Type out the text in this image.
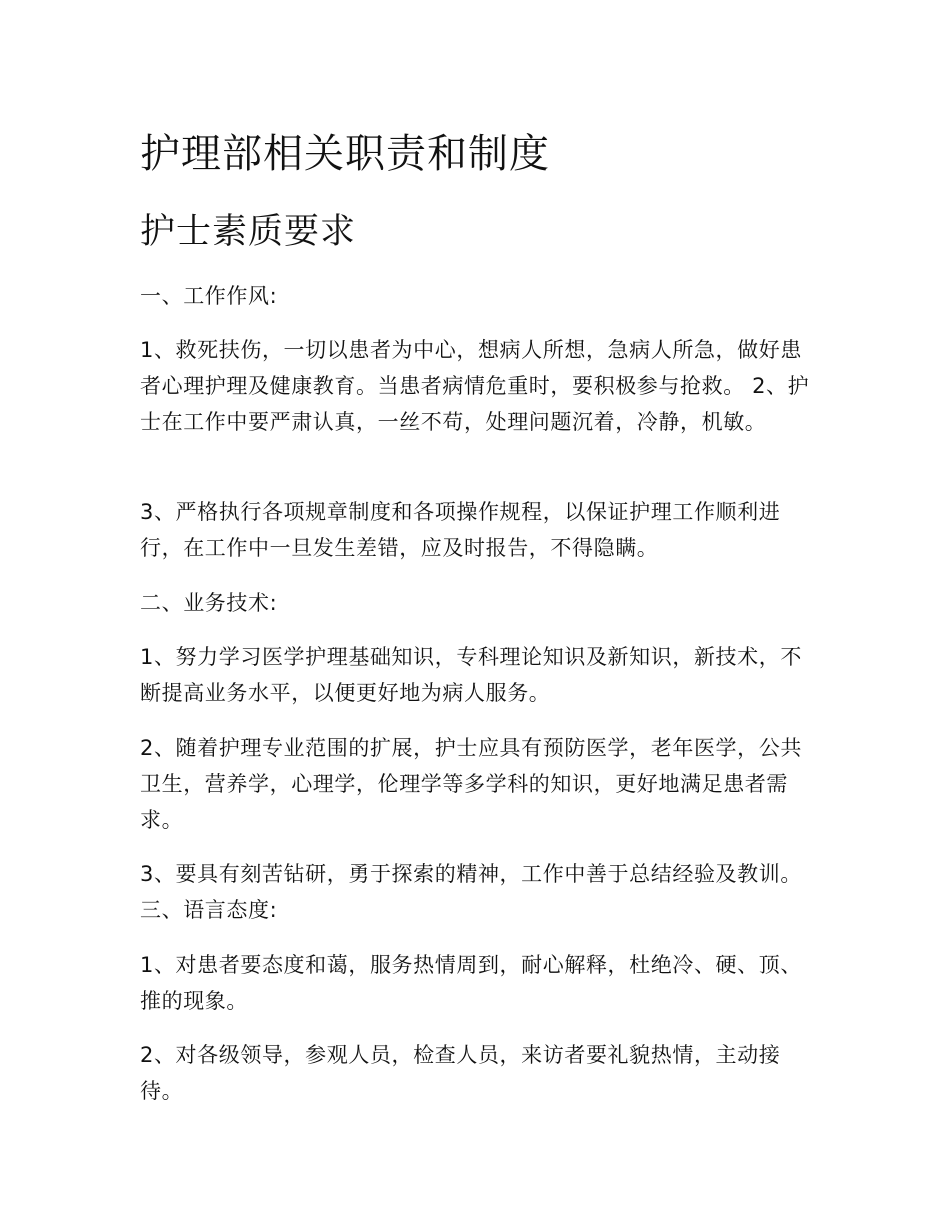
护理部相关职责和制度
护士素质要求

一、工作作风:

1、救死扶伤，一切以患者为中心，想病人所想，急病人所急，做好患者心理护理及健康教育。当患者病情危重时，要积极参与抢救。 2、护士在工作中要严肃认真，一丝不苟，处理问题沉着，冷静，机敏。

3、严格执行各项规章制度和各项操作规程，以保证护理工作顺利进行，在工作中一旦发生差错，应及时报告，不得隐瞒。

二、业务技术:

1、努力学习医学护理基础知识，专科理论知识及新知识，新技术，不断提高业务水平，以便更好地为病人服务。

2、随着护理专业范围的扩展，护士应具有预防医学，老年医学，公共卫生，营养学，心理学，伦理学等多学科的知识，更好地满足患者需求。

3、要具有刻苦钻研，勇于探索的精神，工作中善于总结经验及教训。 三、语言态度:

1、对患者要态度和蔼，服务热情周到，耐心解释，杜绝冷、硬、顶、推的现象。

2、对各级领导，参观人员，检查人员，来访者要礼貌热情，主动接待。
